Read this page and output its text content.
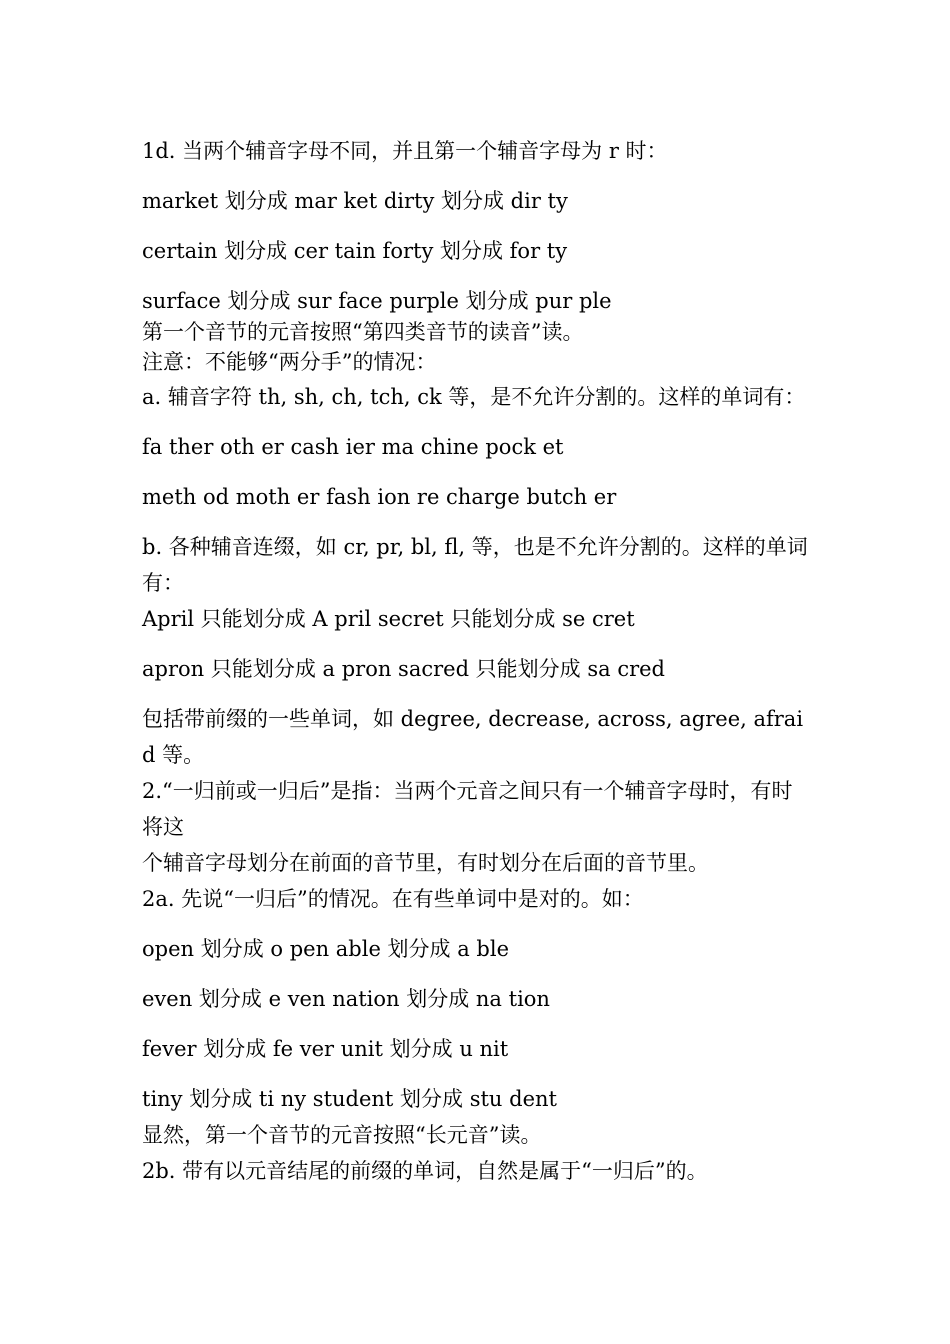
1d. 当两个辅音字母不同，并且第一个辅音字母为 r 时：

market 划分成 mar ket dirty 划分成 dir ty

certain 划分成 cer tain forty 划分成 for ty

surface 划分成 sur face purple 划分成 pur ple

第一个音节的元音按照“第四类音节的读音”读。

注意：不能够“两分手”的情况：

a. 辅音字符 th, sh, ch, tch, ck 等，是不允许分割的。这样的单词有：

fa ther oth er cash ier ma chine pock et

meth od moth er fash ion re charge butch er

b. 各种辅音连缀，如 cr, pr, bl, fl, 等，也是不允许分割的。这样的单词有：

April 只能划分成 A pril secret 只能划分成 se cret

apron 只能划分成 a pron sacred 只能划分成 sa cred

包括带前缀的一些单词，如 degree, decrease, across, agree, afraid 等。

2.“一归前或一归后”是指：当两个元音之间只有一个辅音字母时，有时将这

个辅音字母划分在前面的音节里，有时划分在后面的音节里。

2a. 先说“一归后”的情况。在有些单词中是对的。如：

open 划分成 o pen able 划分成 a ble

even 划分成 e ven nation 划分成 na tion

fever 划分成 fe ver unit 划分成 u nit

tiny 划分成 ti ny student 划分成 stu dent

显然，第一个音节的元音按照“长元音”读。

2b. 带有以元音结尾的前缀的单词，自然是属于“一归后”的。
